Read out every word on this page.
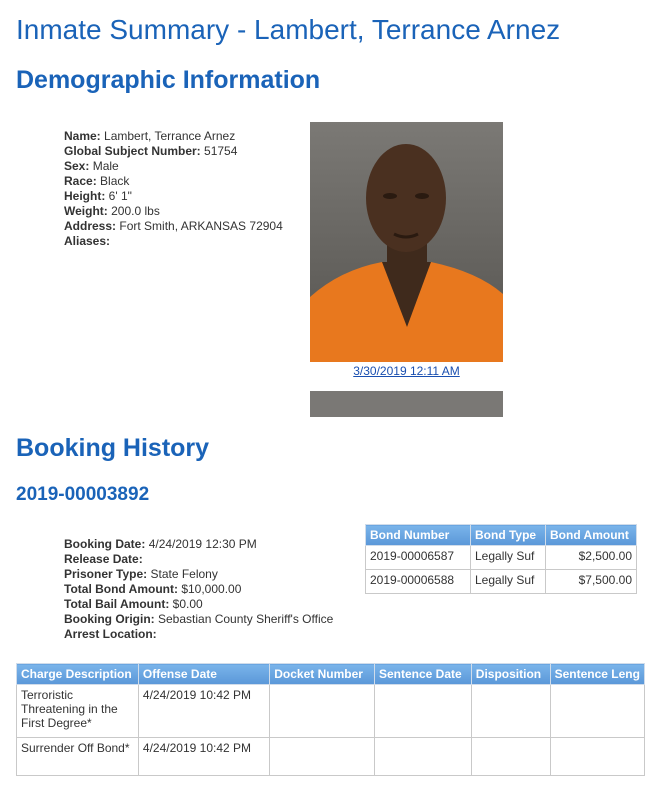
Inmate Summary - Lambert, Terrance Arnez
Demographic Information
Name: Lambert, Terrance Arnez
Global Subject Number: 51754
Sex: Male
Race: Black
Height: 6' 1"
Weight: 200.0 lbs
Address: Fort Smith, ARKANSAS 72904
Aliases:
3/30/2019 12:11 AM
Booking History
2019-00003892
Booking Date: 4/24/2019 12:30 PM
Release Date:
Prisoner Type: State Felony
Total Bond Amount: $10,000.00
Total Bail Amount: $0.00
Booking Origin: Sebastian County Sheriff's Office
Arrest Location:
Bond Number	Bond Type	Bond Amount
2019-00006587	Legally Suf	$2,500.00
2019-00006588	Legally Suf	$7,500.00
Charge Description	Offense Date	Docket Number	Sentence Date	Disposition	Sentence Leng
Terroristic Threatening in the First Degree*	4/24/2019 10:42 PM				
Surrender Off Bond*	4/24/2019 10:42 PM				
